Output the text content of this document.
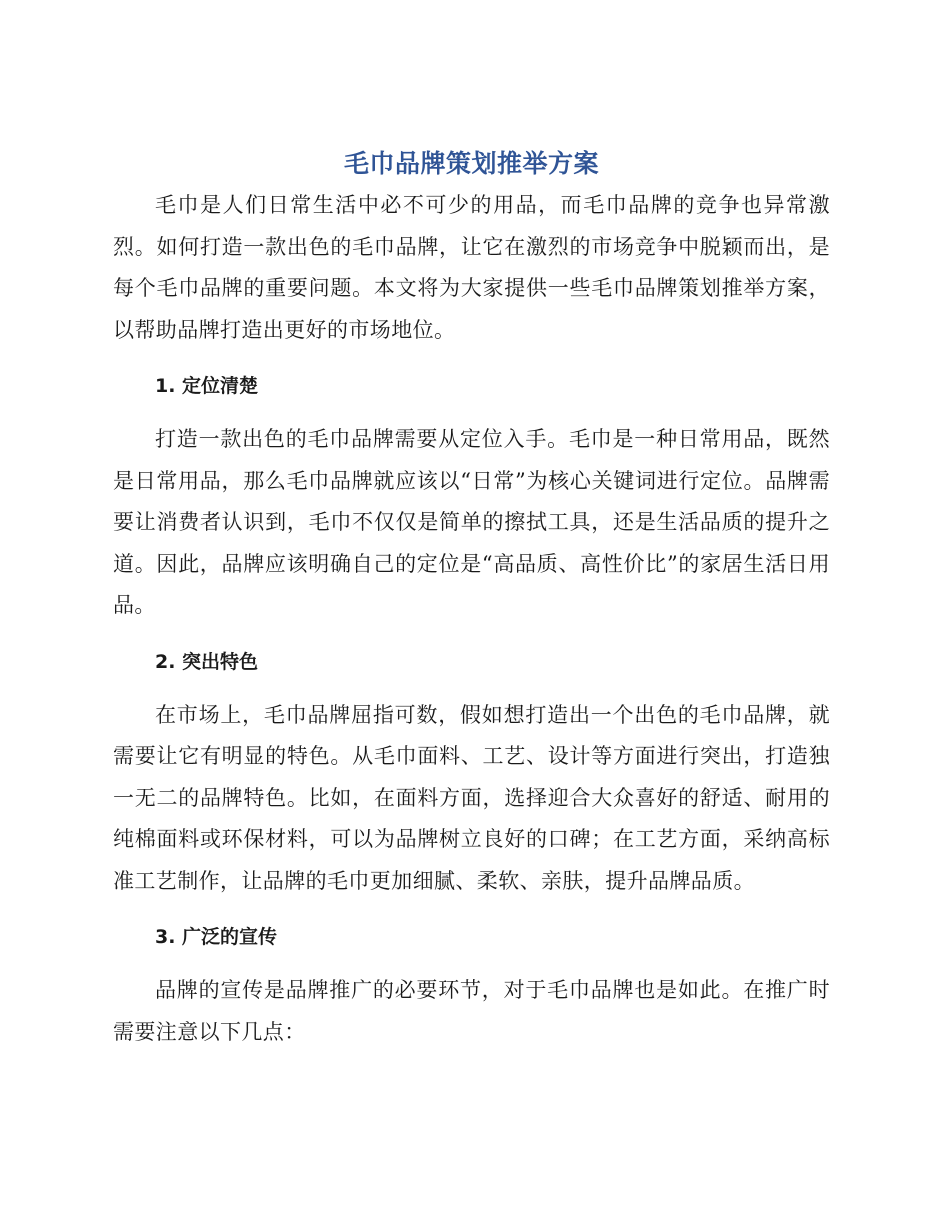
毛巾品牌策划推举方案

毛巾是人们日常生活中必不可少的用品，而毛巾品牌的竞争也异常激烈。如何打造一款出色的毛巾品牌，让它在激烈的市场竞争中脱颖而出，是每个毛巾品牌的重要问题。本文将为大家提供一些毛巾品牌策划推举方案，以帮助品牌打造出更好的市场地位。

1. 定位清楚

打造一款出色的毛巾品牌需要从定位入手。毛巾是一种日常用品，既然是日常用品，那么毛巾品牌就应该以“日常”为核心关键词进行定位。品牌需要让消费者认识到，毛巾不仅仅是简单的擦拭工具，还是生活品质的提升之道。因此，品牌应该明确自己的定位是“高品质、高性价比”的家居生活日用品。

2. 突出特色

在市场上，毛巾品牌屈指可数，假如想打造出一个出色的毛巾品牌，就需要让它有明显的特色。从毛巾面料、工艺、设计等方面进行突出，打造独一无二的品牌特色。比如，在面料方面，选择迎合大众喜好的舒适、耐用的纯棉面料或环保材料，可以为品牌树立良好的口碑；在工艺方面，采纳高标准工艺制作，让品牌的毛巾更加细腻、柔软、亲肤，提升品牌品质。

3. 广泛的宣传

品牌的宣传是品牌推广的必要环节，对于毛巾品牌也是如此。在推广时需要注意以下几点：
